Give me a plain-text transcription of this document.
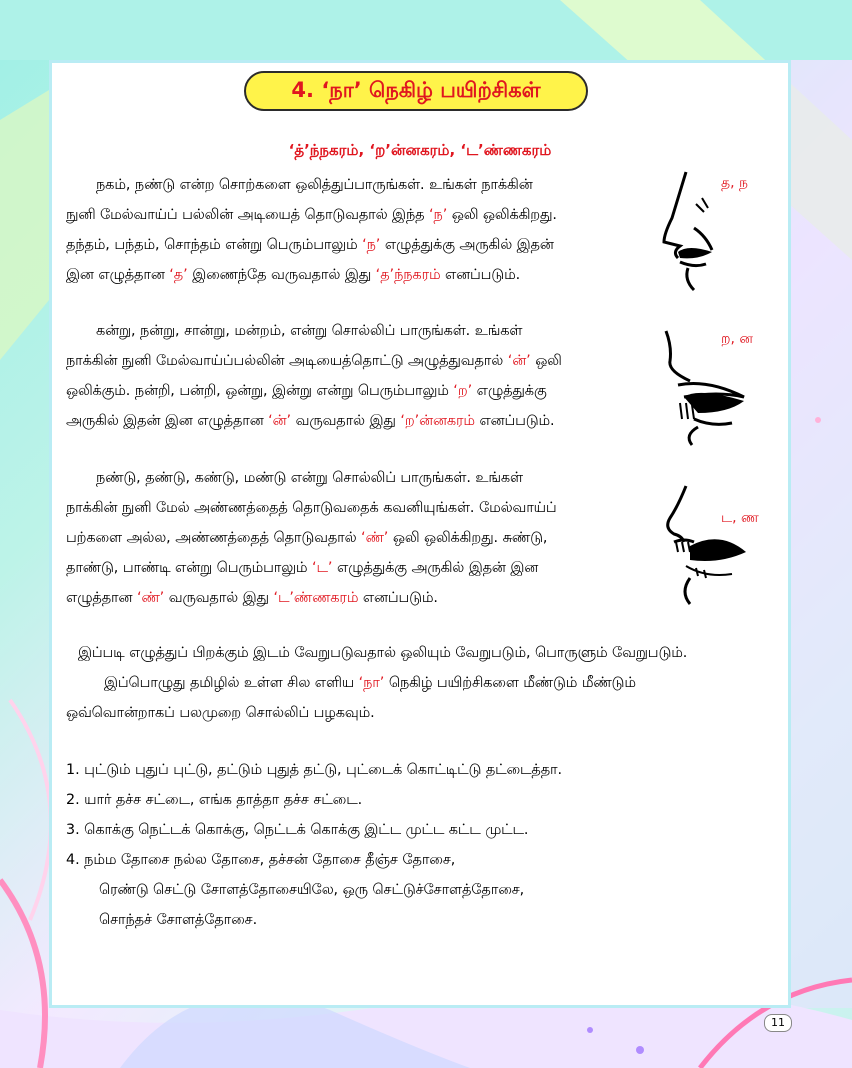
4. ‘நா’ நெகிழ் பயிற்சிகள்
‘த்’ந்நகரம், ‘ற’ன்னகரம், ‘ட’ண்ணகரம்
நகம், நண்டு என்ற சொற்களை ஒலித்துப்பாருங்கள். உங்கள் நாக்கின்
நுனி மேல்வாய்ப் பல்லின் அடியைத் தொடுவதால் இந்த ‘ந’ ஒலி ஒலிக்கிறது.
தந்தம், பந்தம், சொந்தம் என்று பெரும்பாலும் ‘ந’ எழுத்துக்கு அருகில் இதன்
இன எழுத்தான ‘த’ இணைந்தே வருவதால் இது ‘த’ந்நகரம் எனப்படும்.
த, ந
கன்று, நன்று, சான்று, மன்றம், என்று சொல்லிப் பாருங்கள். உங்கள்
நாக்கின் நுனி மேல்வாய்ப்பல்லின் அடியைத்தொட்டு அழுத்துவதால் ‘ன்’ ஒலி
ஒலிக்கும். நன்றி, பன்றி, ஒன்று, இன்று என்று பெரும்பாலும் ‘ற’ எழுத்துக்கு
அருகில் இதன் இன எழுத்தான ‘ன்’ வருவதால் இது ‘ற’ன்னகரம் எனப்படும்.
ற, ன
நண்டு, தண்டு, கண்டு, மண்டு என்று சொல்லிப் பாருங்கள். உங்கள்
நாக்கின் நுனி மேல் அண்ணத்தைத் தொடுவதைக் கவனியுங்கள். மேல்வாய்ப்
பற்களை அல்ல, அண்ணத்தைத் தொடுவதால் ‘ண்’ ஒலி ஒலிக்கிறது. சுண்டு,
தாண்டு, பாண்டி என்று பெரும்பாலும் ‘ட’ எழுத்துக்கு அருகில் இதன் இன
எழுத்தான ‘ண்’ வருவதால் இது ‘ட’ண்ணகரம் எனப்படும்.
ட, ண
இப்படி எழுத்துப் பிறக்கும் இடம் வேறுபடுவதால் ஒலியும் வேறுபடும், பொருளும் வேறுபடும்.
இப்பொழுது தமிழில் உள்ள சில எளிய ‘நா’ நெகிழ் பயிற்சிகளை மீண்டும் மீண்டும்
ஒவ்வொன்றாகப் பலமுறை சொல்லிப் பழகவும்.
1. புட்டும் புதுப் புட்டு, தட்டும் புதுத் தட்டு, புட்டைக் கொட்டிட்டு தட்டைத்தா.
2. யார் தச்ச சட்டை, எங்க தாத்தா தச்ச சட்டை.
3. கொக்கு நெட்டக் கொக்கு, நெட்டக் கொக்கு இட்ட முட்ட கட்ட முட்ட.
4. நம்ம தோசை நல்ல தோசை, தச்சன் தோசை தீஞ்ச தோசை,
ரெண்டு செட்டு சோளத்தோசையிலே, ஒரு செட்டுச்சோளத்தோசை,
சொந்தச் சோளத்தோசை.
11
